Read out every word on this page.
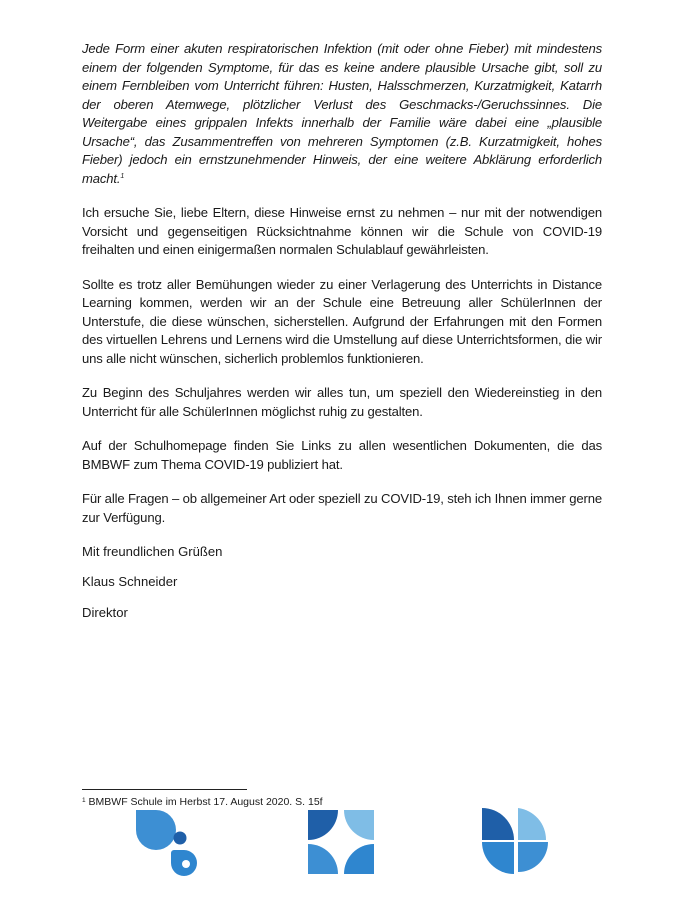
Jede Form einer akuten respiratorischen Infektion (mit oder ohne Fieber) mit mindestens einem der folgenden Symptome, für das es keine andere plausible Ursache gibt, soll zu einem Fernbleiben vom Unterricht führen: Husten, Halsschmerzen, Kurzatmigkeit, Katarrh der oberen Atemwege, plötzlicher Verlust des Geschmacks-/Geruchssinnes. Die Weitergabe eines grippalen Infekts innerhalb der Familie wäre dabei eine „plausible Ursache“, das Zusammentreffen von mehreren Symptomen (z.B. Kurzatmigkeit, hohes Fieber) jedoch ein ernstzunehmender Hinweis, der eine weitere Abklärung erforderlich macht.$^1$

Ich ersuche Sie, liebe Eltern, diese Hinweise ernst zu nehmen – nur mit der notwendigen Vorsicht und gegenseitigen Rücksichtnahme können wir die Schule von COVID-19 freihalten und einen einigermaßen normalen Schulablauf gewährleisten.

Sollte es trotz aller Bemühungen wieder zu einer Verlagerung des Unterrichts in Distance Learning kommen, werden wir an der Schule eine Betreuung aller SchülerInnen der Unterstufe, die diese wünschen, sicherstellen. Aufgrund der Erfahrungen mit den Formen des virtuellen Lehrens und Lernens wird die Umstellung auf diese Unterrichtsformen, die wir uns alle nicht wünschen, sicherlich problemlos funktionieren.

Zu Beginn des Schuljahres werden wir alles tun, um speziell den Wiedereinstieg in den Unterricht für alle SchülerInnen möglichst ruhig zu gestalten.

Auf der Schulhomepage finden Sie Links zu allen wesentlichen Dokumenten, die das BMBWF zum Thema COVID-19 publiziert hat.

Für alle Fragen – ob allgemeiner Art oder speziell zu COVID-19, steh ich Ihnen immer gerne zur Verfügung.

Mit freundlichen Grüßen
Klaus Schneider
Direktor
$^1$ BMBWF Schule im Herbst 17. August 2020. S. 15f
